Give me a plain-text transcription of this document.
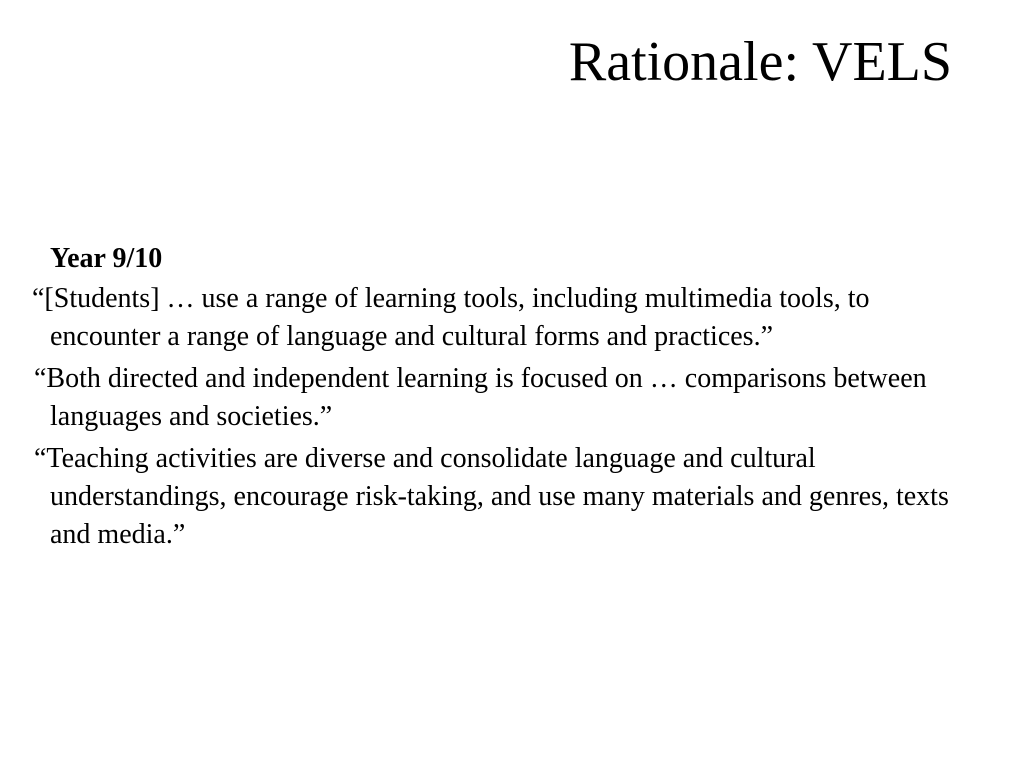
Rationale: VELS

Year 9/10

“[Students] … use a range of learning tools, including multimedia tools, to encounter a range of language and cultural forms and practices.”

“Both directed and independent learning is focused on … comparisons between languages and societies.”

“Teaching activities are diverse and consolidate language and cultural understandings, encourage risk-taking, and use many materials and genres, texts and media.”
